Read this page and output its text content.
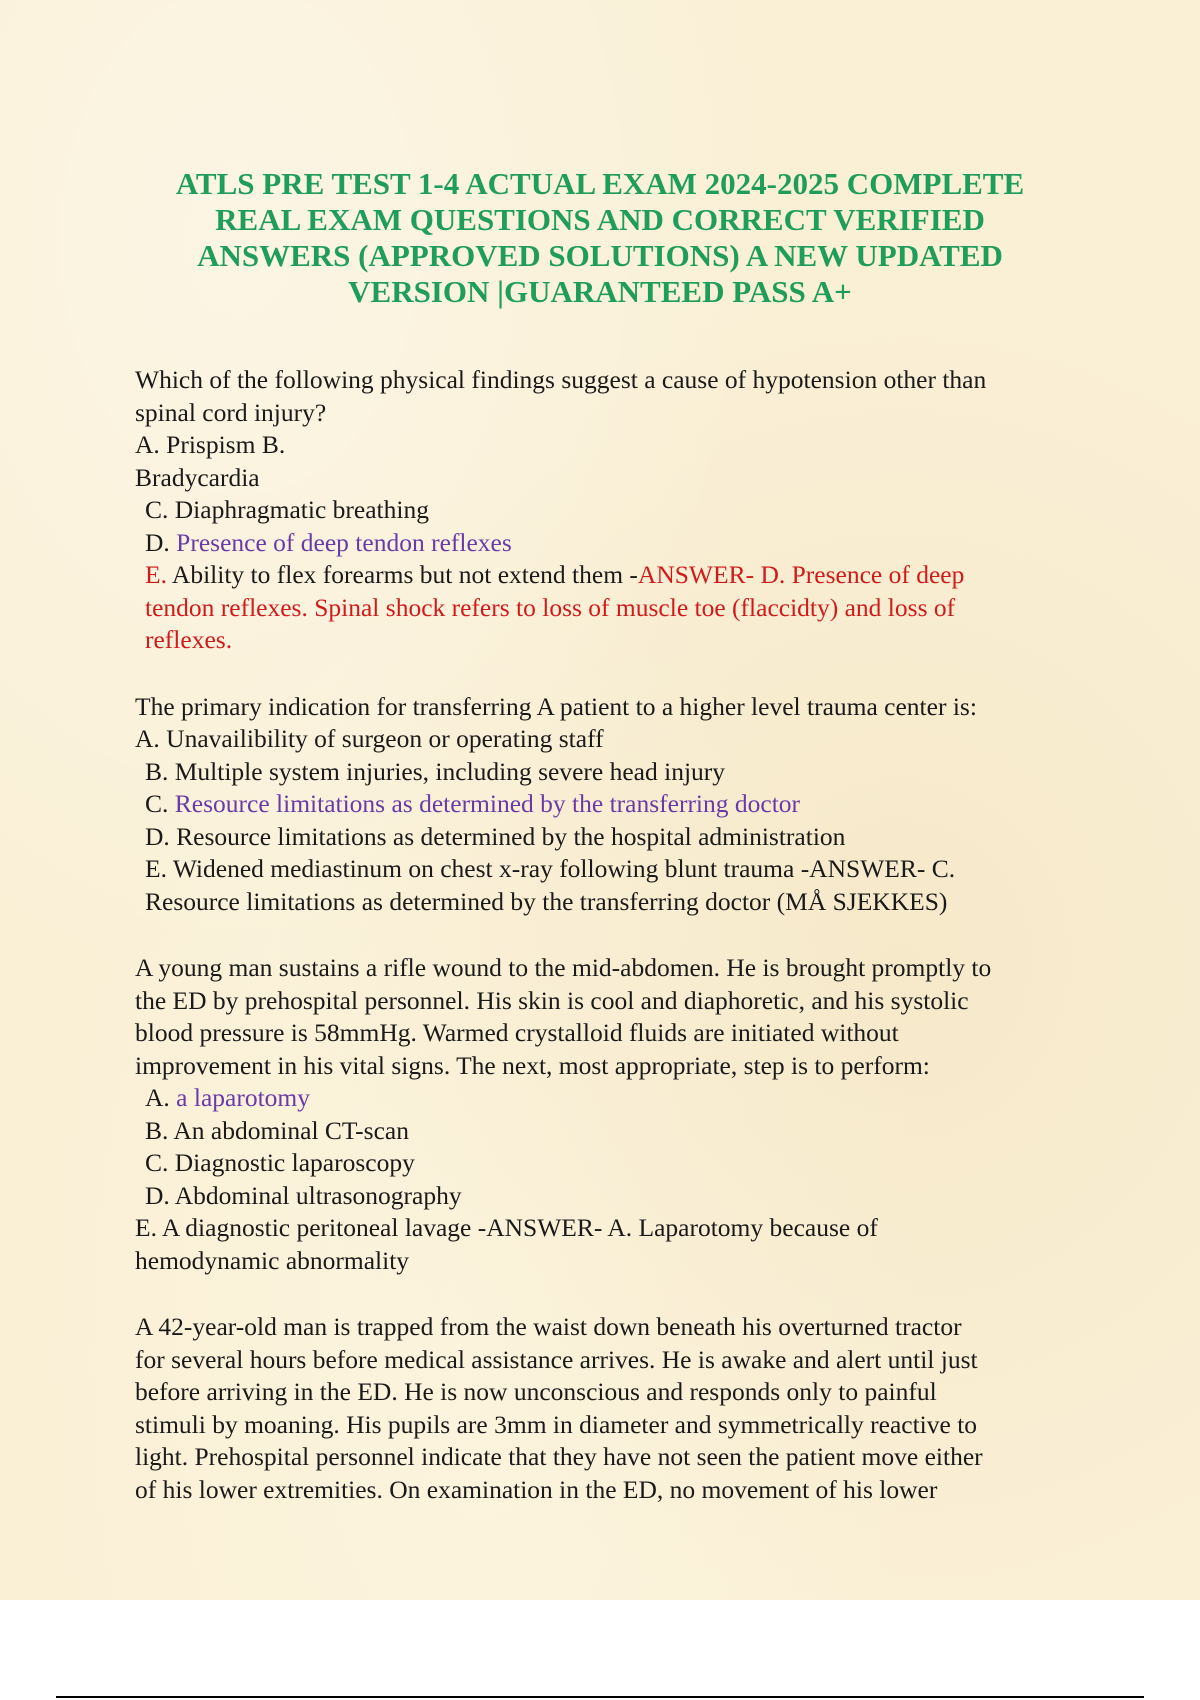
ATLS PRE TEST 1-4 ACTUAL EXAM 2024-2025 COMPLETE
REAL EXAM QUESTIONS AND CORRECT VERIFIED
ANSWERS (APPROVED SOLUTIONS) A NEW UPDATED
VERSION |GUARANTEED PASS A+
Which of the following physical findings suggest a cause of hypotension other than
spinal cord injury?
A. Prispism B.
Bradycardia
C. Diaphragmatic breathing
D. Presence of deep tendon reflexes
E. Ability to flex forearms but not extend them -ANSWER- D. Presence of deep
tendon reflexes. Spinal shock refers to loss of muscle toe (flaccidty) and loss of
reflexes.
The primary indication for transferring A patient to a higher level trauma center is:
A. Unavailibility of surgeon or operating staff
B. Multiple system injuries, including severe head injury
C. Resource limitations as determined by the transferring doctor
D. Resource limitations as determined by the hospital administration
E. Widened mediastinum on chest x-ray following blunt trauma -ANSWER- C.
Resource limitations as determined by the transferring doctor (MÅ SJEKKES)
A young man sustains a rifle wound to the mid-abdomen. He is brought promptly to
the ED by prehospital personnel. His skin is cool and diaphoretic, and his systolic
blood pressure is 58mmHg. Warmed crystalloid fluids are initiated without
improvement in his vital signs. The next, most appropriate, step is to perform:
A. a laparotomy
B. An abdominal CT-scan
C. Diagnostic laparoscopy
D. Abdominal ultrasonography
E. A diagnostic peritoneal lavage -ANSWER- A. Laparotomy because of
hemodynamic abnormality
A 42-year-old man is trapped from the waist down beneath his overturned tractor
for several hours before medical assistance arrives. He is awake and alert until just
before arriving in the ED. He is now unconscious and responds only to painful
stimuli by moaning. His pupils are 3mm in diameter and symmetrically reactive to
light. Prehospital personnel indicate that they have not seen the patient move either
of his lower extremities. On examination in the ED, no movement of his lower
